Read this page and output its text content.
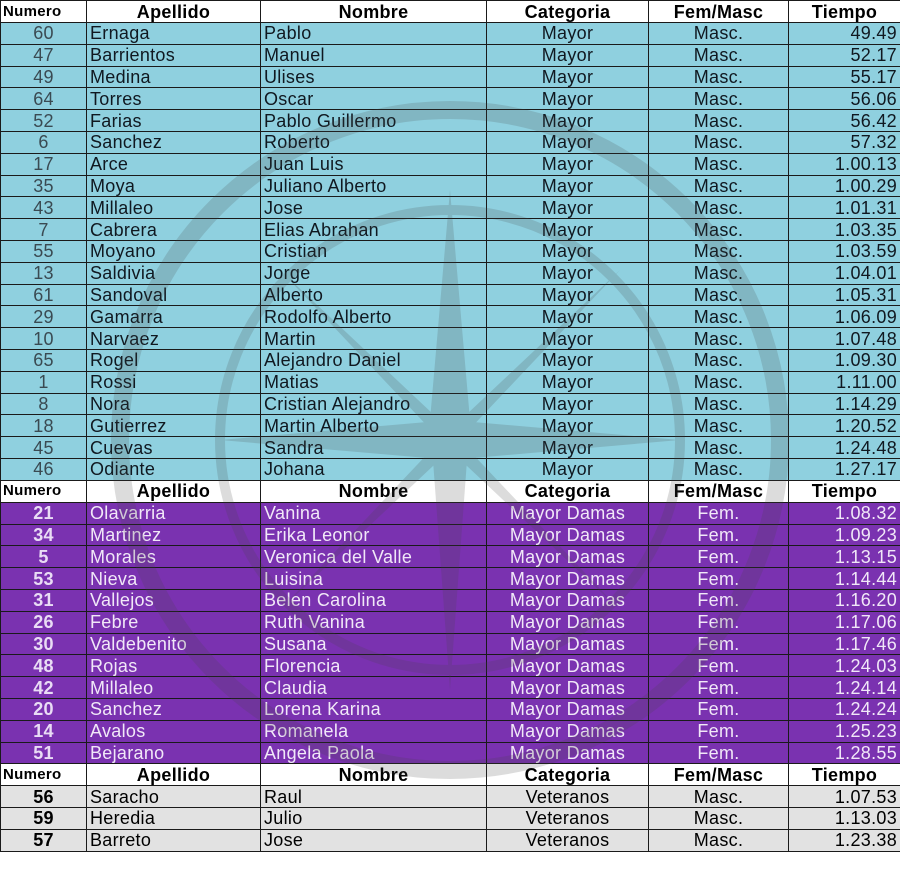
Numero	Apellido	Nombre	Categoria	Fem/Masc	Tiempo
60	Ernaga	Pablo	Mayor	Masc.	49.49
47	Barrientos	Manuel	Mayor	Masc.	52.17
49	Medina	Ulises	Mayor	Masc.	55.17
64	Torres	Oscar	Mayor	Masc.	56.06
52	Farias	Pablo Guillermo	Mayor	Masc.	56.42
6	Sanchez	Roberto	Mayor	Masc.	57.32
17	Arce	Juan Luis	Mayor	Masc.	1.00.13
35	Moya	Juliano Alberto	Mayor	Masc.	1.00.29
43	Millaleo	Jose	Mayor	Masc.	1.01.31
7	Cabrera	Elias Abrahan	Mayor	Masc.	1.03.35
55	Moyano	Cristian	Mayor	Masc.	1.03.59
13	Saldivia	Jorge	Mayor	Masc.	1.04.01
61	Sandoval	Alberto	Mayor	Masc.	1.05.31
29	Gamarra	Rodolfo Alberto	Mayor	Masc.	1.06.09
10	Narvaez	Martin	Mayor	Masc.	1.07.48
65	Rogel	Alejandro Daniel	Mayor	Masc.	1.09.30
1	Rossi	Matias	Mayor	Masc.	1.11.00
8	Nora	Cristian Alejandro	Mayor	Masc.	1.14.29
18	Gutierrez	Martin Alberto	Mayor	Masc.	1.20.52
45	Cuevas	Sandra	Mayor	Masc.	1.24.48
46	Odiante	Johana	Mayor	Masc.	1.27.17
Numero	Apellido	Nombre	Categoria	Fem/Masc	Tiempo
21	Olavarria	Vanina	Mayor Damas	Fem.	1.08.32
34	Martinez	Erika Leonor	Mayor Damas	Fem.	1.09.23
5	Morales	Veronica del Valle	Mayor Damas	Fem.	1.13.15
53	Nieva	Luisina	Mayor Damas	Fem.	1.14.44
31	Vallejos	Belen Carolina	Mayor Damas	Fem.	1.16.20
26	Febre	Ruth Vanina	Mayor Damas	Fem.	1.17.06
30	Valdebenito	Susana	Mayor Damas	Fem.	1.17.46
48	Rojas	Florencia	Mayor Damas	Fem.	1.24.03
42	Millaleo	Claudia	Mayor Damas	Fem.	1.24.14
20	Sanchez	Lorena Karina	Mayor Damas	Fem.	1.24.24
14	Avalos	Romanela	Mayor Damas	Fem.	1.25.23
51	Bejarano	Angela Paola	Mayor Damas	Fem.	1.28.55
Numero	Apellido	Nombre	Categoria	Fem/Masc	Tiempo
56	Saracho	Raul	Veteranos	Masc.	1.07.53
59	Heredia	Julio	Veteranos	Masc.	1.13.03
57	Barreto	Jose	Veteranos	Masc.	1.23.38
